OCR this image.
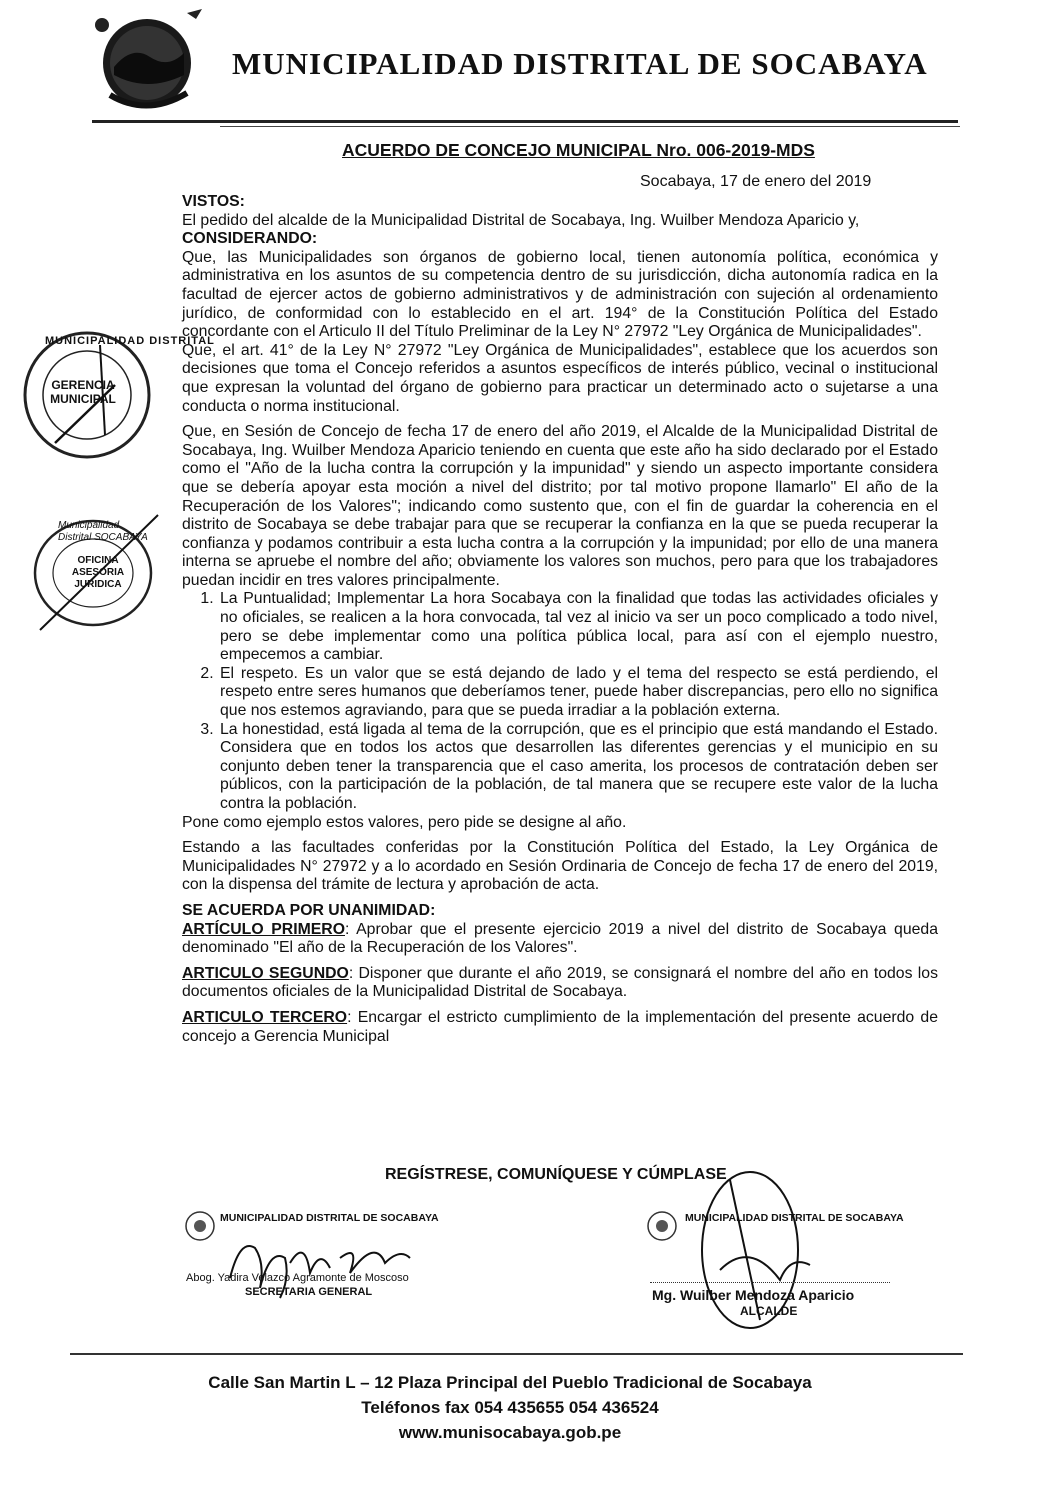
MUNICIPALIDAD DISTRITAL DE SOCABAYA
ACUERDO DE CONCEJO MUNICIPAL Nro. 006-2019-MDS
Socabaya, 17 de enero del 2019
GERENCIA MUNICIPAL
MUNICIPALIDAD DISTRITAL
OFICINA ASESORIA JURIDICA
Municipalidad Distrital SOCABAYA

VISTOS:

El pedido del alcalde de la Municipalidad Distrital de Socabaya, Ing. Wuilber Mendoza Aparicio y,

CONSIDERANDO:

Que, las Municipalidades son órganos de gobierno local, tienen autonomía política, económica y administrativa en los asuntos de su competencia dentro de su jurisdicción, dicha autonomía radica en la facultad de ejercer actos de gobierno administrativos y de administración con sujeción al ordenamiento jurídico, de conformidad con lo establecido en el art. 194° de la Constitución Política del Estado concordante con el Articulo II del Título Preliminar de la Ley N° 27972 "Ley Orgánica de Municipalidades".

Que, el art. 41° de la Ley N° 27972 "Ley Orgánica de Municipalidades", establece que los acuerdos son decisiones que toma el Concejo referidos a asuntos específicos de interés público, vecinal o institucional que expresan la voluntad del órgano de gobierno para practicar un determinado acto o sujetarse a una conducta o norma institucional.

Que, en Sesión de Concejo de fecha 17 de enero del año 2019, el Alcalde de la Municipalidad Distrital de Socabaya, Ing. Wuilber Mendoza Aparicio teniendo en cuenta que este año ha sido declarado por el Estado como el "Año de la lucha contra la corrupción y la impunidad" y siendo un aspecto importante considera que se debería apoyar esta moción a nivel del distrito; por tal motivo propone llamarlo" El año de la Recuperación de los Valores"; indicando como sustento que, con el fin de guardar la coherencia en el distrito de Socabaya se debe trabajar para que se recuperar la confianza en la que se pueda recuperar la confianza y podamos contribuir a esta lucha contra a la corrupción y la impunidad; por ello de una manera interna se apruebe el nombre del año; obviamente los valores son muchos, pero para que los trabajadores puedan incidir en tres valores principalmente.

1. La Puntualidad; Implementar La hora Socabaya con la finalidad que todas las actividades oficiales y no oficiales, se realicen a la hora convocada, tal vez al inicio va ser un poco complicado a todo nivel, pero se debe implementar como una política pública local, para así con el ejemplo nuestro, empecemos a cambiar.
2. El respeto. Es un valor que se está dejando de lado y el tema del respecto se está perdiendo, el respeto entre seres humanos que deberíamos tener, puede haber discrepancias, pero ello no significa que nos estemos agraviando, para que se pueda irradiar a la población externa.
3. La honestidad, está ligada al tema de la corrupción, que es el principio que está mandando el Estado. Considera que en todos los actos que desarrollen las diferentes gerencias y el municipio en su conjunto deben tener la transparencia que el caso amerita, los procesos de contratación deben ser públicos, con la participación de la población, de tal manera que se recupere este valor de la lucha contra la población.

Pone como ejemplo estos valores, pero pide se designe al año.

Estando a las facultades conferidas por la Constitución Política del Estado, la Ley Orgánica de Municipalidades N° 27972 y a lo acordado en Sesión Ordinaria de Concejo de fecha 17 de enero del 2019, con la dispensa del trámite de lectura y aprobación de acta.

SE ACUERDA POR UNANIMIDAD:

ARTÍCULO PRIMERO: Aprobar que el presente ejercicio 2019 a nivel del distrito de Socabaya queda denominado "El año de la Recuperación de los Valores".

ARTICULO SEGUNDO: Disponer que durante el año 2019, se consignará el nombre del año en todos los documentos oficiales de la Municipalidad Distrital de Socabaya.

ARTICULO TERCERO: Encargar el estricto cumplimiento de la implementación del presente acuerdo de concejo a Gerencia Municipal

REGÍSTRESE, COMUNÍQUESE Y CÚMPLASE
MUNICIPALIDAD DISTRITAL DE SOCABAYA
Abog. Yadira Velazco Agramonte de Moscoso
SECRETARIA GENERAL
MUNICIPALIDAD DISTRITAL DE SOCABAYA
Mg. Wuilber Mendoza Aparicio
ALCALDE
Calle San Martin L – 12 Plaza Principal del Pueblo Tradicional de Socabaya
Teléfonos fax 054 435655 054 436524
www.munisocabaya.gob.pe
